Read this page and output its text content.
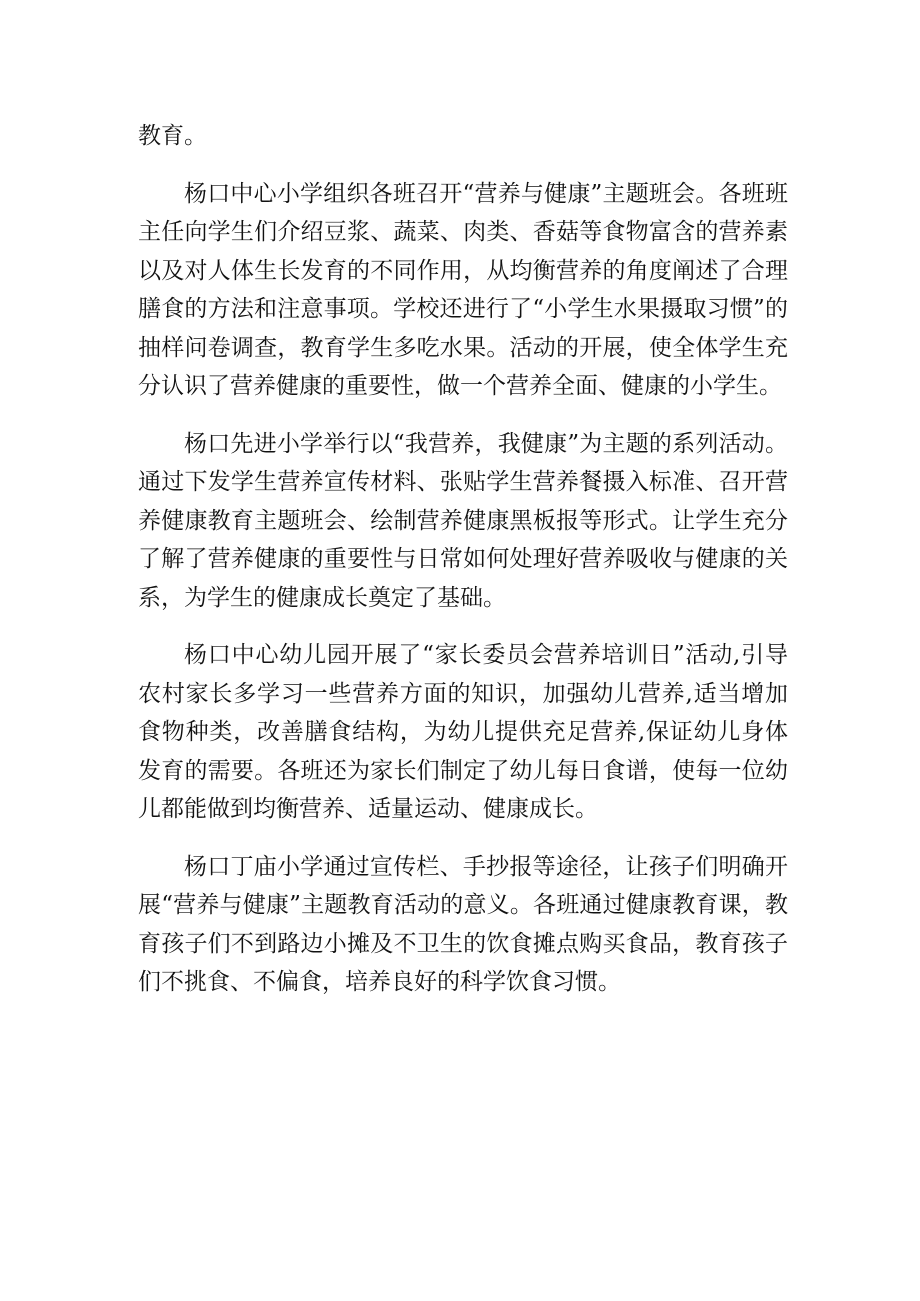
教育。

杨口中心小学组织各班召开“营养与健康”主题班会。各班班主任向学生们介绍豆浆、蔬菜、肉类、香菇等食物富含的营养素以及对人体生长发育的不同作用，从均衡营养的角度阐述了合理膳食的方法和注意事项。学校还进行了“小学生水果摄取习惯”的抽样问卷调查，教育学生多吃水果。活动的开展，使全体学生充分认识了营养健康的重要性，做一个营养全面、健康的小学生。

杨口先进小学举行以“我营养，我健康”为主题的系列活动。通过下发学生营养宣传材料、张贴学生营养餐摄入标准、召开营养健康教育主题班会、绘制营养健康黑板报等形式。让学生充分了解了营养健康的重要性与日常如何处理好营养吸收与健康的关系，为学生的健康成长奠定了基础。

杨口中心幼儿园开展了“家长委员会营养培训日”活动,引导农村家长多学习一些营养方面的知识，加强幼儿营养,适当增加食物种类，改善膳食结构，为幼儿提供充足营养,保证幼儿身体发育的需要。各班还为家长们制定了幼儿每日食谱，使每一位幼儿都能做到均衡营养、适量运动、健康成长。

杨口丁庙小学通过宣传栏、手抄报等途径，让孩子们明确开展“营养与健康”主题教育活动的意义。各班通过健康教育课，教育孩子们不到路边小摊及不卫生的饮食摊点购买食品，教育孩子们不挑食、不偏食，培养良好的科学饮食习惯。
